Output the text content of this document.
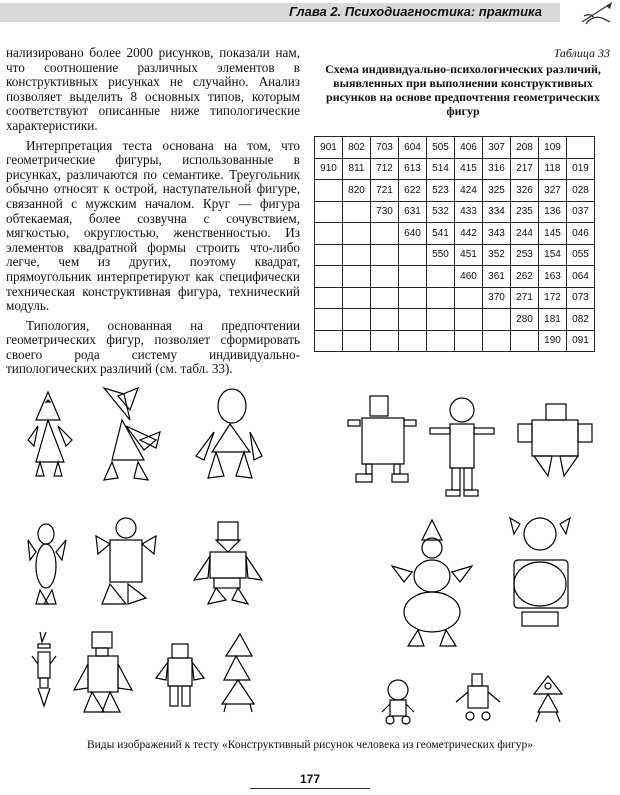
Глава 2. Психодиагностика: практика

нализировано более 2000 рисунков, показали нам, что соотношение различных элементов в конструктивных рисунках не случайно. Анализ позволяет выделить 8 основных типов, которым соответствуют описанные ниже типологические характеристики.

Интерпретация теста основана на том, что геометрические фигуры, использованные в рисунках, различаются по семантике. Треугольник обычно относят к острой, наступательной фигуре, связанной с мужским началом. Круг — фигура обтекаемая, более созвучна с сочувствием, мягкостью, округлостью, женственностью. Из элементов квадратной формы строить что-либо легче, чем из других, поэтому квадрат, прямоугольник интерпретируют как специфически техническая конструктивная фигура, технический модуль.

Типология, основанная на предпочтении геометрических фигур, позволяет сформировать своего рода систему индивидуально-типологических различий (см. табл. 33).

Таблица 33
Схема индивидуально-психологических различий, выявленных при выполнении конструктивных рисунков на основе предпочтения геометрических фигур
901	802	703	604	505	406	307	208	109	
910	811	712	613	514	415	316	217	118	019
	820	721	622	523	424	325	326	327	028
		730	631	532	433	334	235	136	037
			640	541	442	343	244	145	046
				550	451	352	253	154	055
					460	361	262	163	064
						370	271	172	073
							280	181	082
								190	091
Виды изображений к тесту «Конструктивный рисунок человека из геометрических фигур»
177
